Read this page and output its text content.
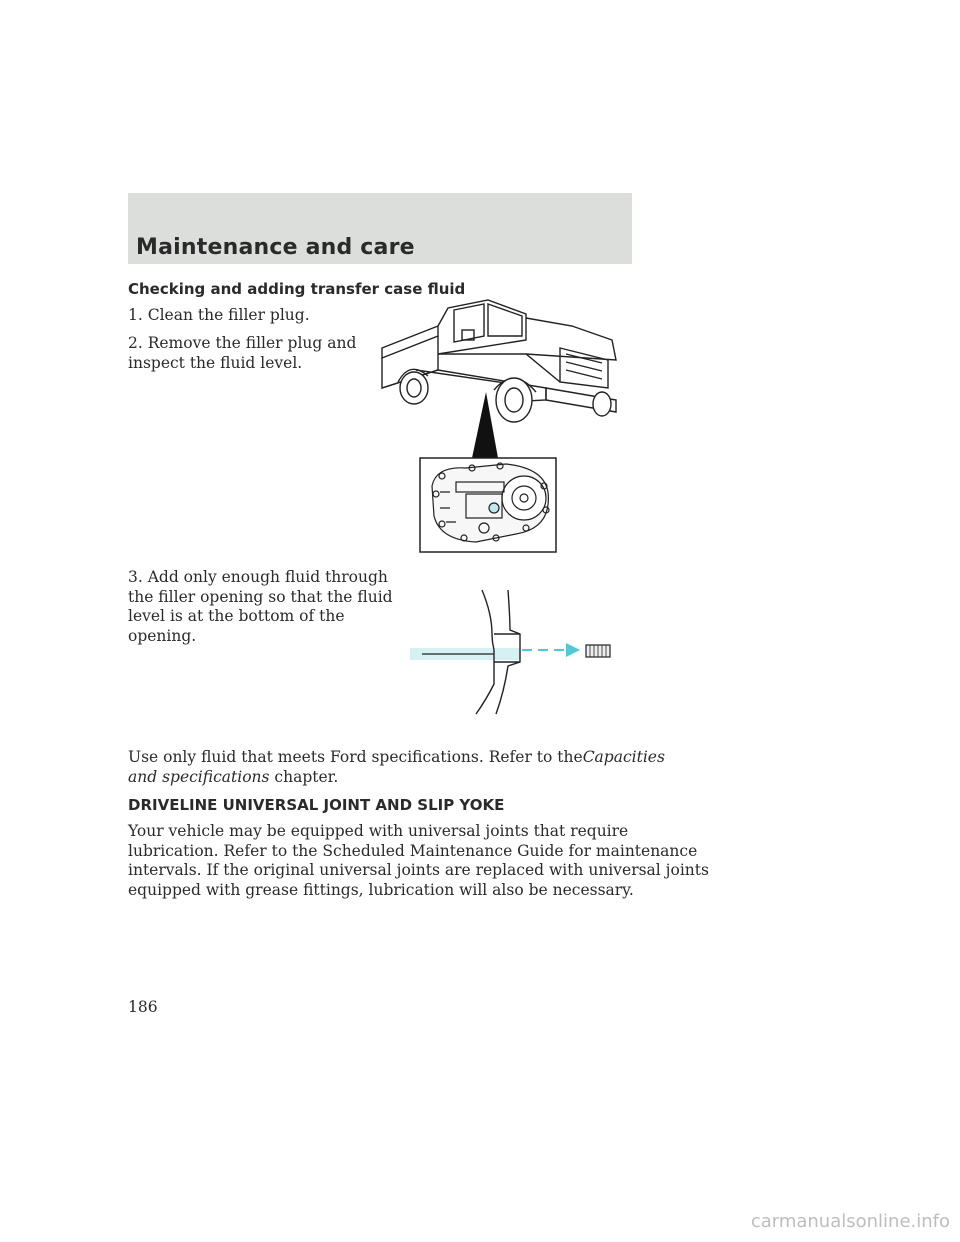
Maintenance and care
Checking and adding transfer case fluid
1. Clean the filler plug.
2. Remove the filler plug and
inspect the fluid level.
3. Add only enough fluid through
the filler opening so that the fluid
level is at the bottom of the
opening.
Use only fluid that meets Ford specifications. Refer to theCapacities
and specifications chapter.
DRIVELINE UNIVERSAL JOINT AND SLIP YOKE
Your vehicle may be equipped with universal joints that require
lubrication. Refer to the Scheduled Maintenance Guide for maintenance
intervals. If the original universal joints are replaced with universal joints
equipped with grease fittings, lubrication will also be necessary.
186
carmanualsonline.info
